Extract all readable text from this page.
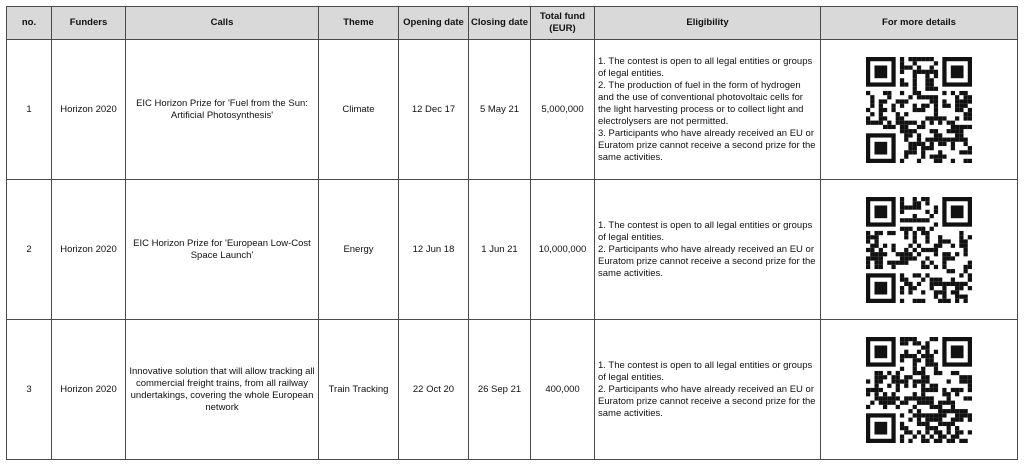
no.	Funders	Calls	Theme	Opening date	Closing date	Total fund (EUR)	Eligibility	For more details
1	Horizon 2020	EIC Horizon Prize for 'Fuel from the Sun: Artificial Photosynthesis'	Climate	12 Dec 17	5 May 21	5,000,000	1. The contest is open to all legal entities or groups of legal entities.
2. The production of fuel in the form of hydrogen and the use of conventional photovoltaic cells for the light harvesting process or to collect light and electrolysers are not permitted.
3. Participants who have already received an EU or Euratom prize cannot receive a second prize for the same activities.

2	Horizon 2020	EIC Horizon Prize for 'European Low-Cost Space Launch'	Energy	12 Jun 18	1 Jun 21	10,000,000	1. The contest is open to all legal entities or groups of legal entities.
2. Participants who have already received an EU or Euratom prize cannot receive a second prize for the same activities.

3	Horizon 2020	Innovative solution that will allow tracking all commercial freight trains, from all railway undertakings, covering the whole European network	Train Tracking	22 Oct 20	26 Sep 21	400,000	1. The contest is open to all legal entities or groups of legal entities.
2. Participants who have already received an EU or Euratom prize cannot receive a second prize for the same activities.
